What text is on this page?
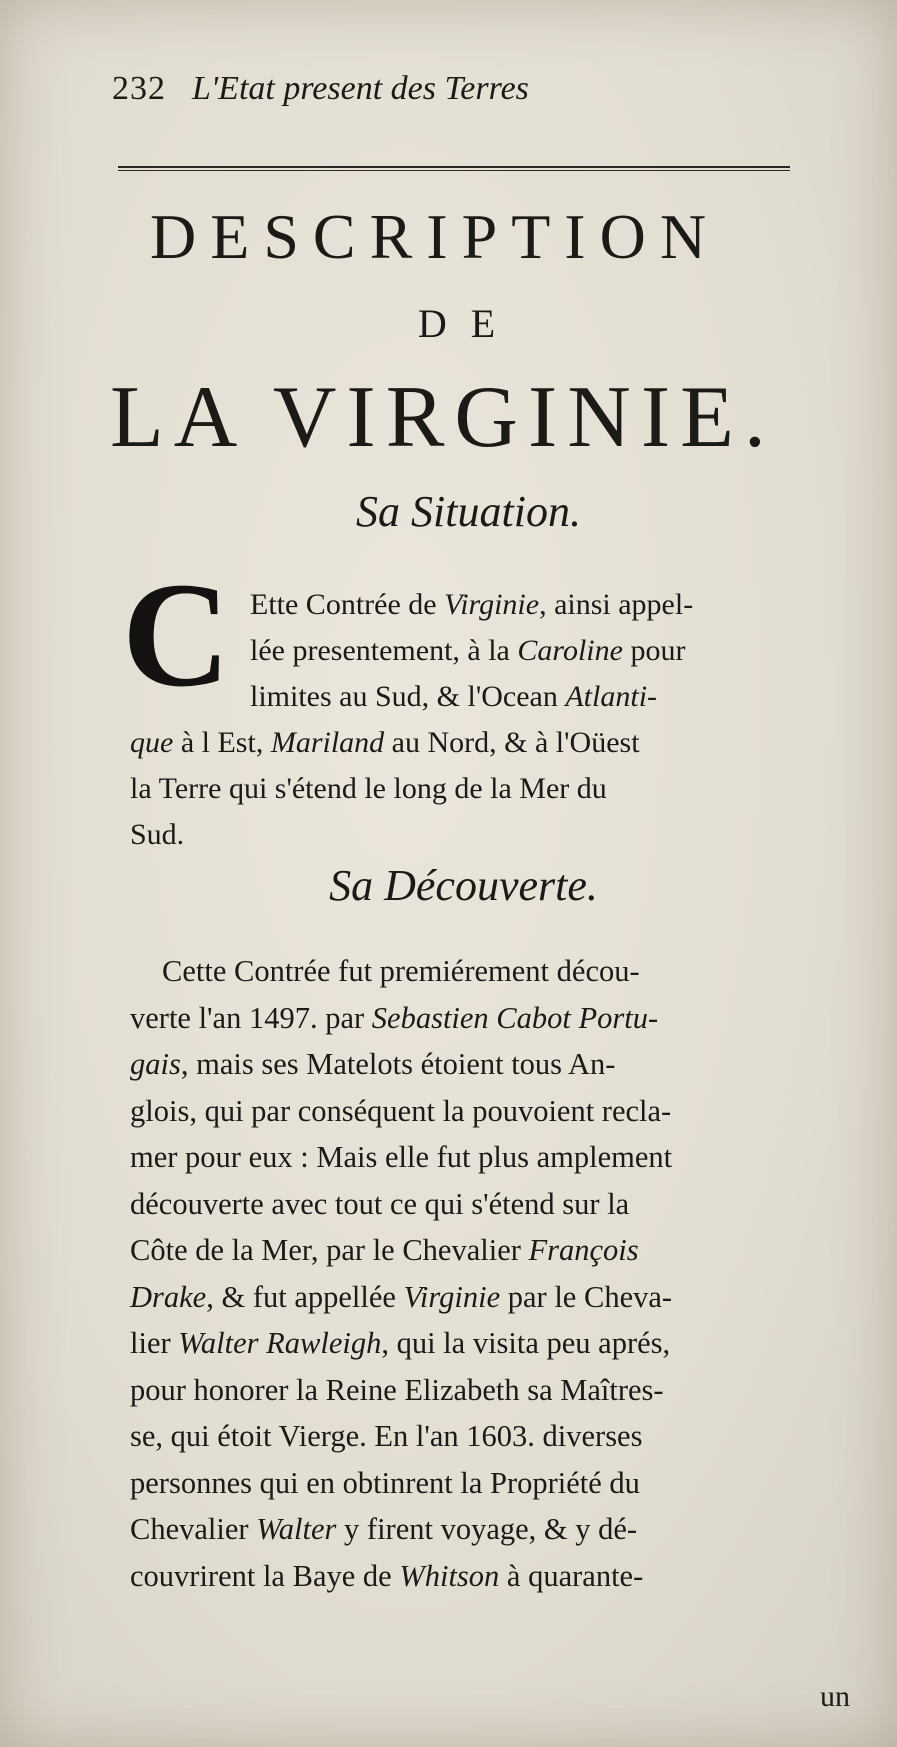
232 L'Etat present des Terres
DESCRIPTION
DE
LA VIRGINIE.
Sa Situation.
C Ette Contrée de Virginie, ainsi appel-
lée presentement, à la Caroline pour
limites au Sud, & l'Ocean Atlanti-
que à l Est, Mariland au Nord, & à l'Oüest
la Terre qui s'étend le long de la Mer du
Sud.
Sa Découverte.
Cette Contrée fut premiérement décou-
verte l'an 1497. par Sebastien Cabot Portu-
gais, mais ses Matelots étoient tous An-
glois, qui par conséquent la pouvoient recla-
mer pour eux : Mais elle fut plus amplement
découverte avec tout ce qui s'étend sur la
Côte de la Mer, par le Chevalier François
Drake, & fut appellée Virginie par le Cheva-
lier Walter Rawleigh, qui la visita peu aprés,
pour honorer la Reine Elizabeth sa Maîtres-
se, qui étoit Vierge. En l'an 1603. diverses
personnes qui en obtinrent la Propriété du
Chevalier Walter y firent voyage, & y dé-
couvrirent la Baye de Whitson à quarante-
un
